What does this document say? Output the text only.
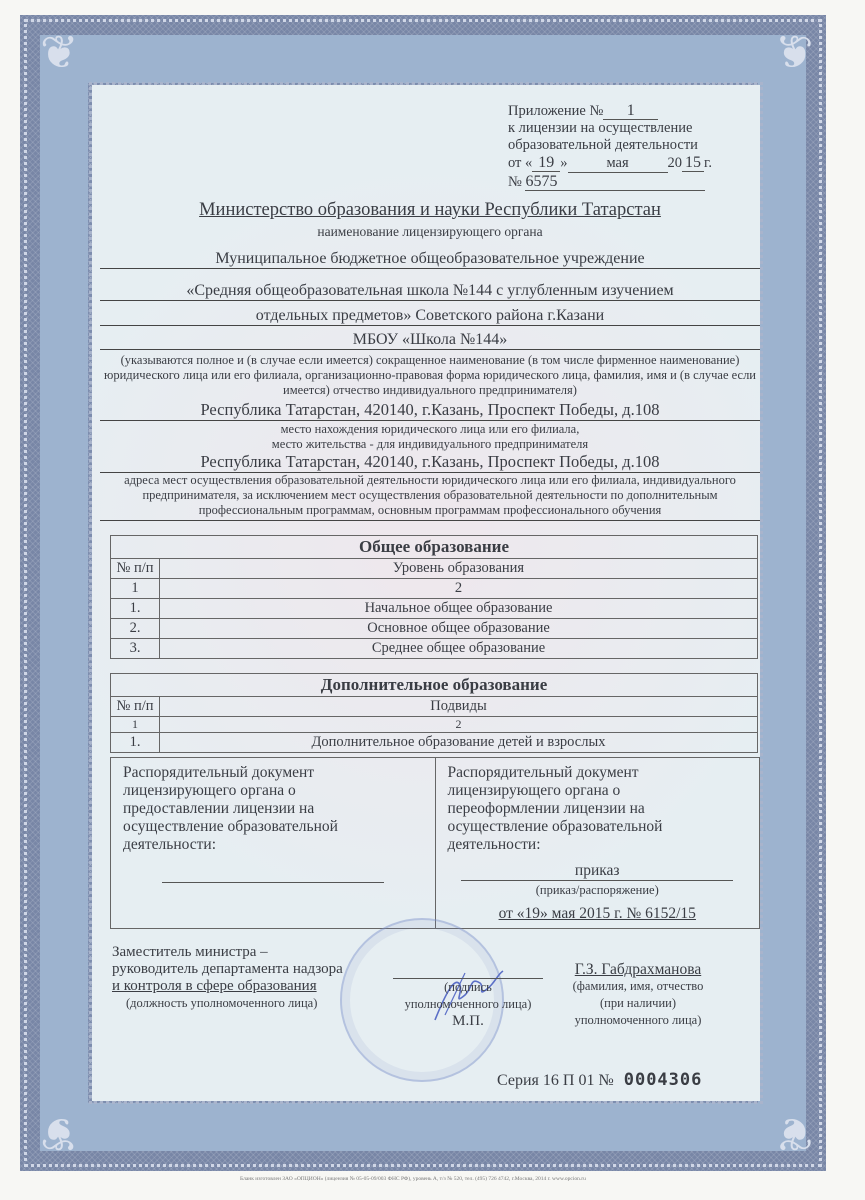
❦
❦
❦
❦
Приложение № 1
к лицензии на осуществление
образовательной деятельности
от « 19 »	мая	20 15 г.
№ 6575
Министерство образования и науки Республики Татарстан
наименование лицензирующего органа
Муниципальное бюджетное общеобразовательное учреждение
«Средняя общеобразовательная школа №144 с углубленным изучением
отдельных предметов» Советского района г.Казани
МБОУ «Школа №144»
(указываются полное и (в случае если имеется) сокращенное наименование (в том числе фирменное наименование) юридического лица или его филиала, организационно-правовая форма юридического лица, фамилия, имя и (в случае если имеется) отчество индивидуального предпринимателя)
Республика Татарстан, 420140, г.Казань, Проспект Победы, д.108
место нахождения юридического лица или его филиала,
место жительства - для индивидуального предпринимателя
Республика Татарстан, 420140, г.Казань, Проспект Победы, д.108
адреса мест осуществления образовательной деятельности юридического лица или его филиала, индивидуального предпринимателя, за исключением мест осуществления образовательной деятельности по дополнительным профессиональным программам, основным программам профессионального обучения
Общее образование	
№ п/п	Уровень образования
1	2
1.	Начальное общее образование
2.	Основное общее образование
3.	Среднее общее образование
Дополнительное образование	
№ п/п	Подвиды
1	2
1.	Дополнительное образование детей и взрослых
Распорядительный документ лицензирующего органа о предоставлении лицензии на осуществление образовательной деятельности:
Распорядительный документ лицензирующего органа о переоформлении лицензии на осуществление образовательной деятельности:
приказ
(приказ/распоряжение)
от «19» мая 2015 г. № 6152/15
Заместитель министра –
руководитель департамента надзора
и контроля в сфере образования
(должность уполномоченного лица)
(подпись
уполномоченного лица)
М.П.
Г.З. Габдрахманова
(фамилия, имя, отчество
(при наличии)
уполномоченного лица)
Серия 16 П 01 № 0004306
Бланк изготовлен ЗАО «ОПЦИОН» (лицензия № 05-05-09/003 ФНС РФ), уровень А, т/з № 520, тел. (495) 726 4742, г.Москва, 2014 г. www.opcion.ru
